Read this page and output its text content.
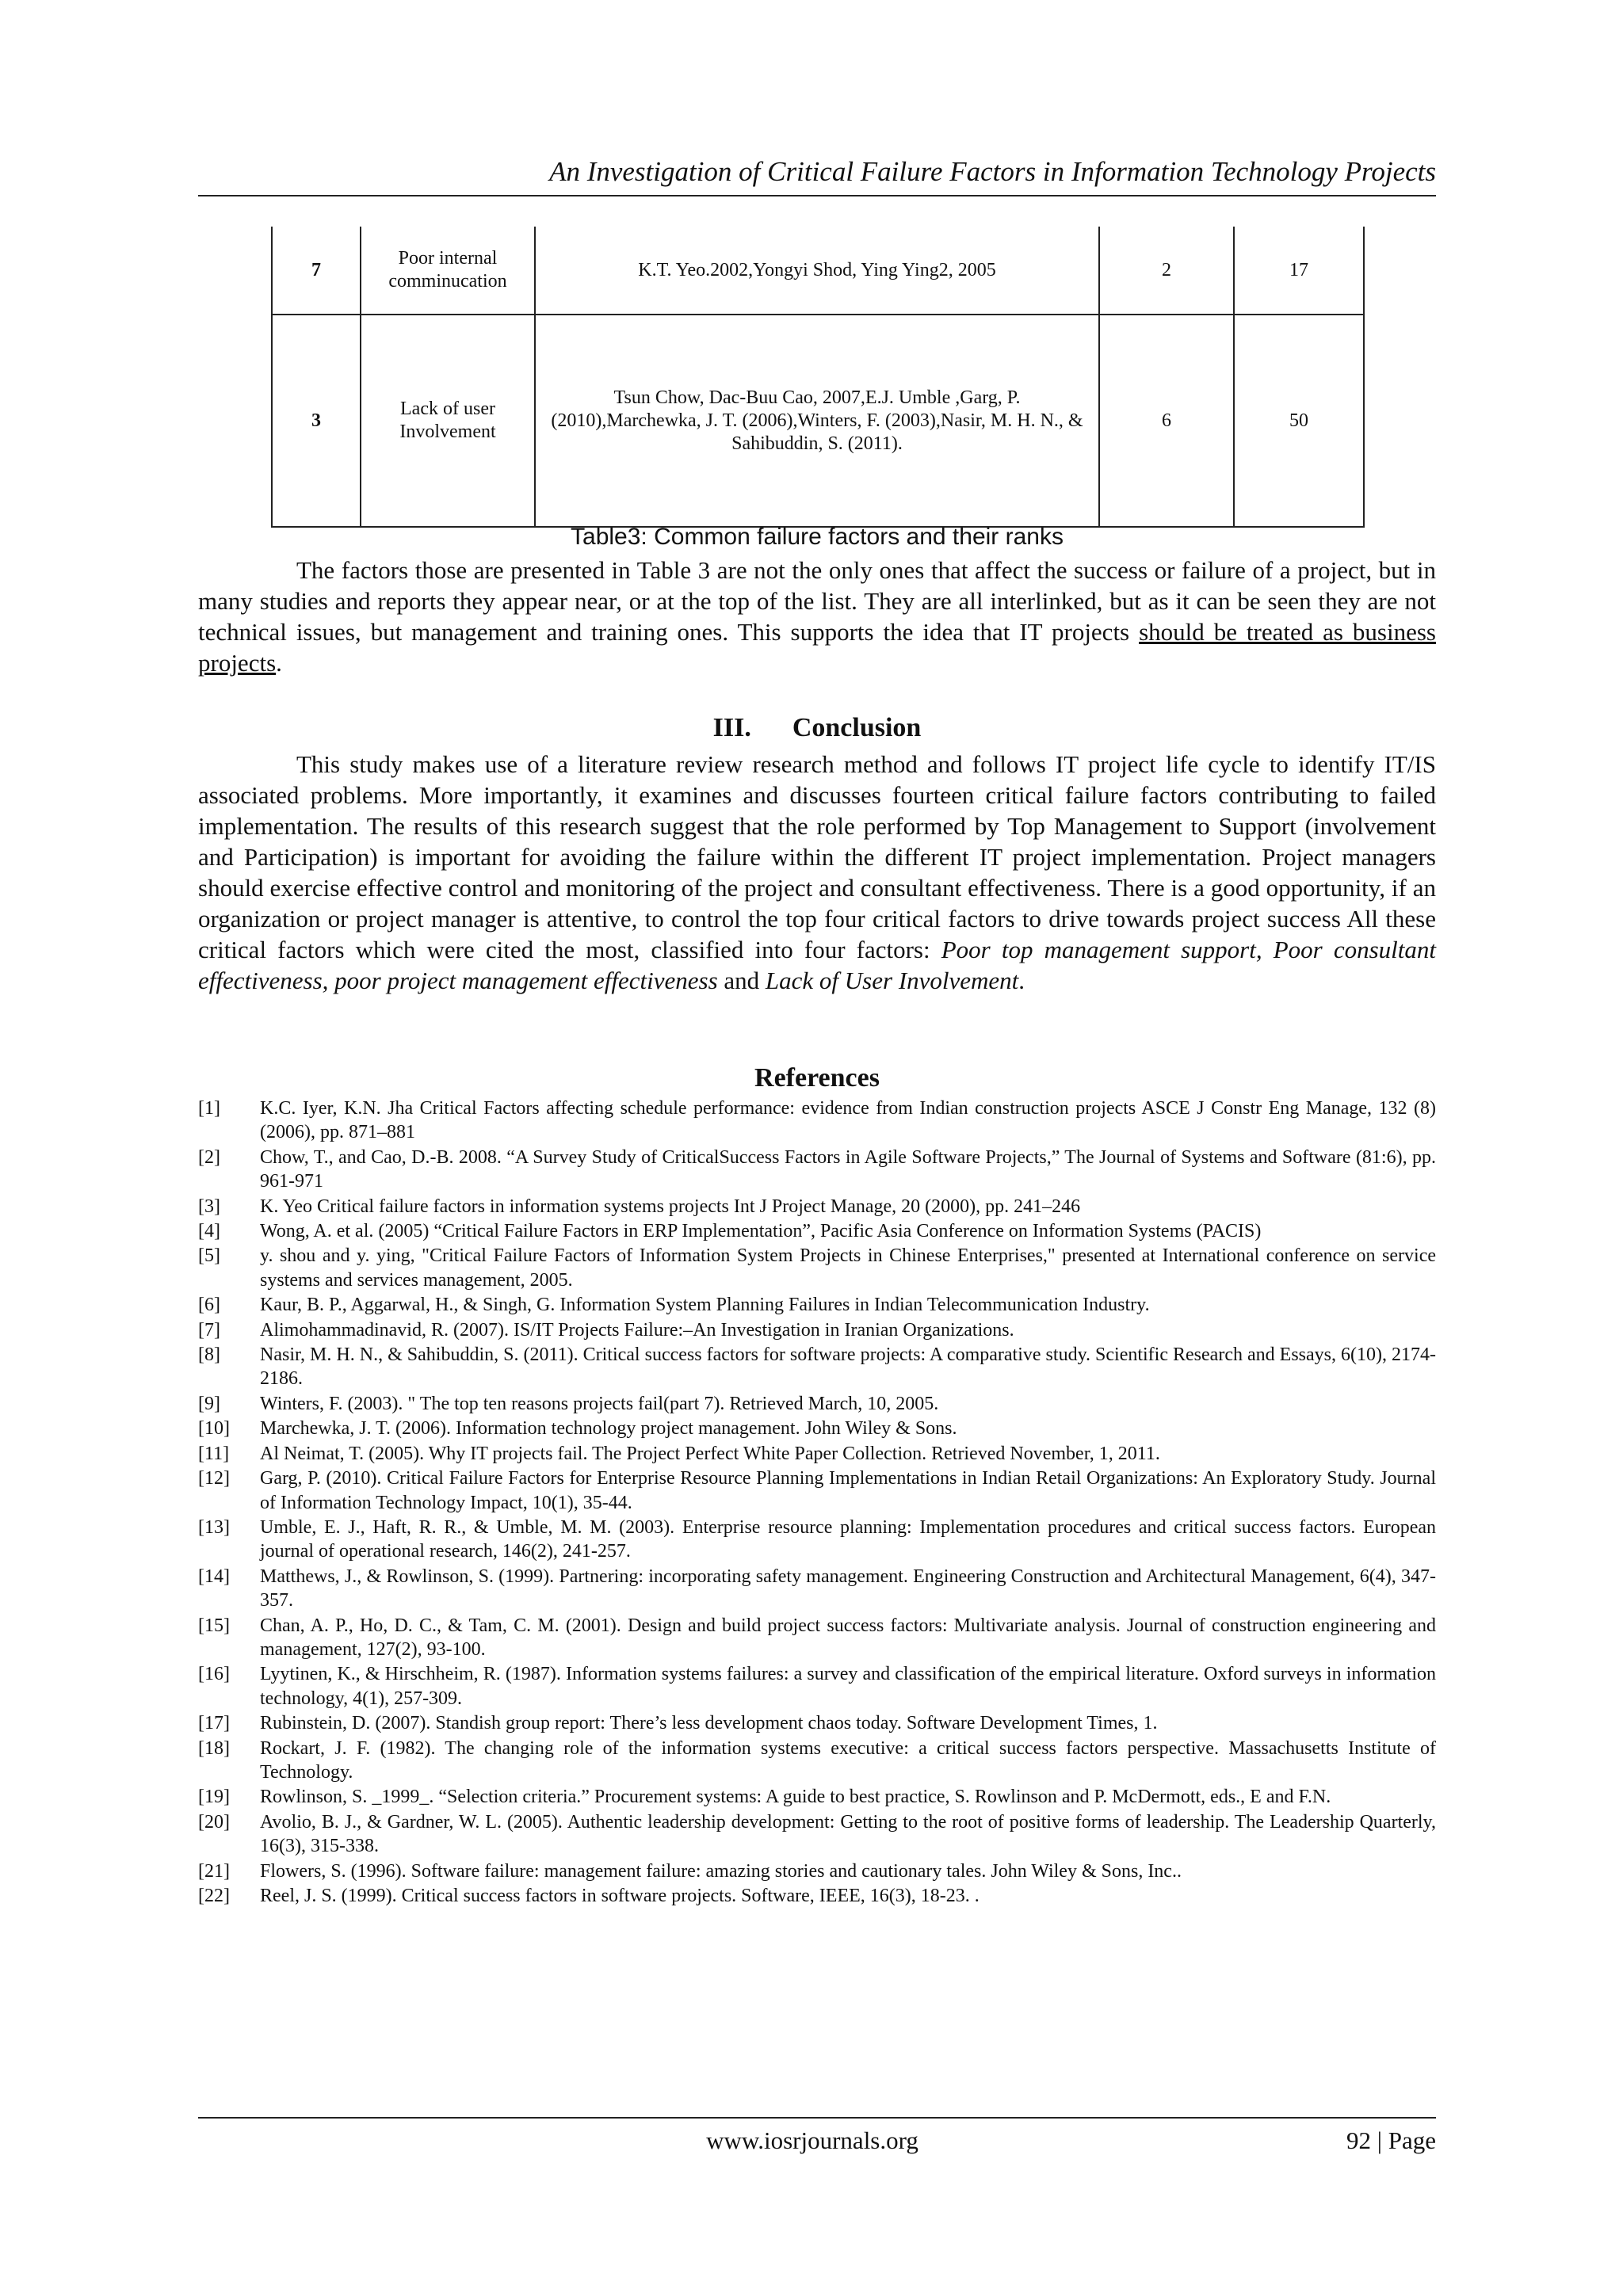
An Investigation of Critical Failure Factors in Information Technology Projects
7	Poor internal comminucation	K.T. Yeo.2002,Yongyi Shod, Ying Ying2, 2005	2	17
3	Lack of user Involvement	Tsun Chow, Dac-Buu Cao, 2007,E.J. Umble ,Garg, P. (2010),Marchewka, J. T. (2006),Winters, F. (2003),Nasir, M. H. N., & Sahibuddin, S. (2011).	6	50
Table3: Common failure factors and their ranks

The factors those are presented in Table 3 are not the only ones that affect the success or failure of a project, but in many studies and reports they appear near, or at the top of the list. They are all interlinked, but as it can be seen they are not technical issues, but management and training ones. This supports the idea that IT projects should be treated as business projects.

III. Conclusion

This study makes use of a literature review research method and follows IT project life cycle to identify IT/IS associated problems. More importantly, it examines and discusses fourteen critical failure factors contributing to failed implementation. The results of this research suggest that the role performed by Top Management to Support (involvement and Participation) is important for avoiding the failure within the different IT project implementation. Project managers should exercise effective control and monitoring of the project and consultant effectiveness. There is a good opportunity, if an organization or project manager is attentive, to control the top four critical factors to drive towards project success All these critical factors which were cited the most, classified into four factors: Poor top management support, Poor consultant effectiveness, poor project management effectiveness and Lack of User Involvement.

References
[1]	K.C. Iyer, K.N. Jha Critical Factors affecting schedule performance: evidence from Indian construction projects ASCE J Constr Eng Manage, 132 (8) (2006), pp. 871–881
[2]	Chow, T., and Cao, D.-B. 2008. “A Survey Study of CriticalSuccess Factors in Agile Software Projects,” The Journal of Systems and Software (81:6), pp. 961-971
[3]	K. Yeo Critical failure factors in information systems projects Int J Project Manage, 20 (2000), pp. 241–246
[4]	Wong, A. et al. (2005) “Critical Failure Factors in ERP Implementation”, Pacific Asia Conference on Information Systems (PACIS)
[5]	y. shou and y. ying, "Critical Failure Factors of Information System Projects in Chinese Enterprises," presented at International conference on service systems and services management, 2005.
[6]	Kaur, B. P., Aggarwal, H., & Singh, G. Information System Planning Failures in Indian Telecommunication Industry.
[7]	Alimohammadinavid, R. (2007). IS/IT Projects Failure:–An Investigation in Iranian Organizations.
[8]	Nasir, M. H. N., & Sahibuddin, S. (2011). Critical success factors for software projects: A comparative study. Scientific Research and Essays, 6(10), 2174-2186.
[9]	Winters, F. (2003). " The top ten reasons projects fail(part 7). Retrieved March, 10, 2005.
[10]	Marchewka, J. T. (2006). Information technology project management. John Wiley & Sons.
[11]	Al Neimat, T. (2005). Why IT projects fail. The Project Perfect White Paper Collection. Retrieved November, 1, 2011.
[12]	Garg, P. (2010). Critical Failure Factors for Enterprise Resource Planning Implementations in Indian Retail Organizations: An Exploratory Study. Journal of Information Technology Impact, 10(1), 35-44.
[13]	Umble, E. J., Haft, R. R., & Umble, M. M. (2003). Enterprise resource planning: Implementation procedures and critical success factors. European journal of operational research, 146(2), 241-257.
[14]	Matthews, J., & Rowlinson, S. (1999). Partnering: incorporating safety management. Engineering Construction and Architectural Management, 6(4), 347-357.
[15]	Chan, A. P., Ho, D. C., & Tam, C. M. (2001). Design and build project success factors: Multivariate analysis. Journal of construction engineering and management, 127(2), 93-100.
[16]	Lyytinen, K., & Hirschheim, R. (1987). Information systems failures: a survey and classification of the empirical literature. Oxford surveys in information technology, 4(1), 257-309.
[17]	Rubinstein, D. (2007). Standish group report: There’s less development chaos today. Software Development Times, 1.
[18]	Rockart, J. F. (1982). The changing role of the information systems executive: a critical success factors perspective. Massachusetts Institute of Technology.
[19]	Rowlinson, S. _1999_. “Selection criteria.” Procurement systems: A guide to best practice, S. Rowlinson and P. McDermott, eds., E and F.N.
[20]	Avolio, B. J., & Gardner, W. L. (2005). Authentic leadership development: Getting to the root of positive forms of leadership. The Leadership Quarterly, 16(3), 315-338.
[21]	Flowers, S. (1996). Software failure: management failure: amazing stories and cautionary tales. John Wiley & Sons, Inc..
[22]	Reel, J. S. (1999). Critical success factors in software projects. Software, IEEE, 16(3), 18-23. .
www.iosrjournals.org	92 | Page
